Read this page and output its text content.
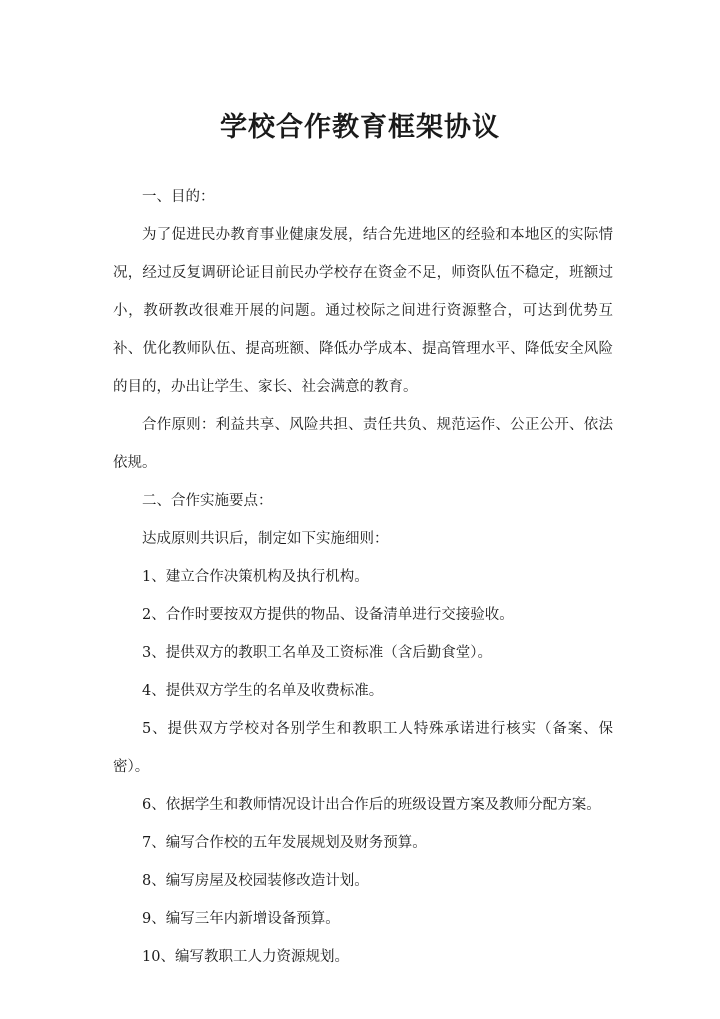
学校合作教育框架协议

一、目的：

为了促进民办教育事业健康发展，结合先进地区的经验和本地区的实际情况，经过反复调研论证目前民办学校存在资金不足，师资队伍不稳定，班额过小，教研教改很难开展的问题。通过校际之间进行资源整合，可达到优势互补、优化教师队伍、提高班额、降低办学成本、提高管理水平、降低安全风险的目的，办出让学生、家长、社会满意的教育。

合作原则：利益共享、风险共担、责任共负、规范运作、公正公开、依法依规。

二、合作实施要点：

达成原则共识后，制定如下实施细则：

1、建立合作决策机构及执行机构。

2、合作时要按双方提供的物品、设备清单进行交接验收。

3、提供双方的教职工名单及工资标准（含后勤食堂）。

4、提供双方学生的名单及收费标准。

5、提供双方学校对各别学生和教职工人特殊承诺进行核实（备案、保密）。

6、依据学生和教师情况设计出合作后的班级设置方案及教师分配方案。

7、编写合作校的五年发展规划及财务预算。

8、编写房屋及校园装修改造计划。

9、编写三年内新增设备预算。

10、编写教职工人力资源规划。
